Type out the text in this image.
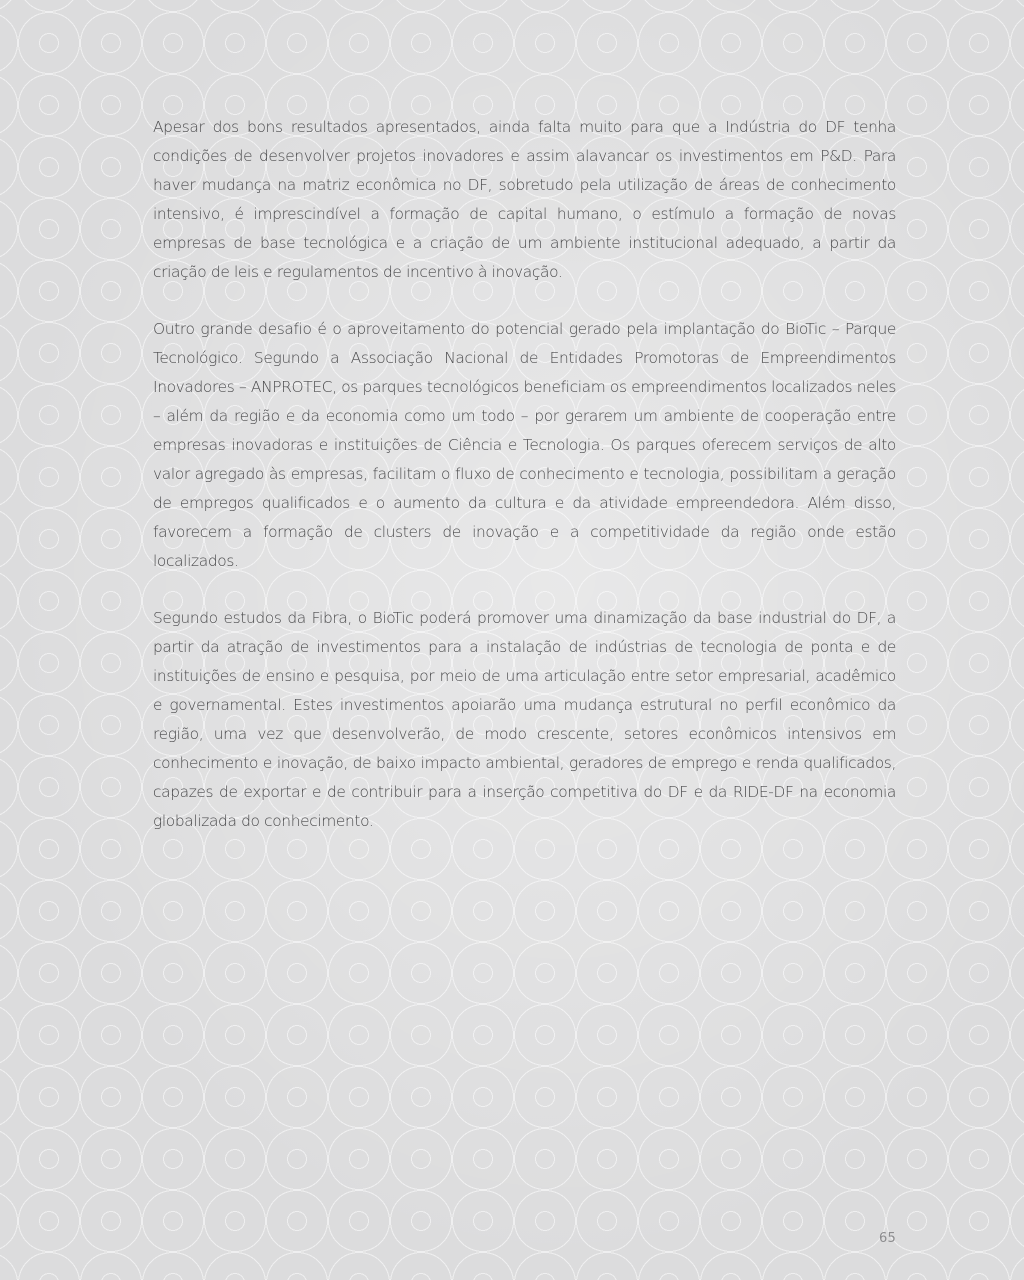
Apesar dos bons resultados apresentados, ainda falta muito para que a Indústria do DF tenha condições de desenvolver projetos inovadores e assim alavancar os investimentos em P&D. Para haver mudança na matriz econômica no DF, sobretudo pela utilização de áreas de conhecimento intensivo, é imprescindível a formação de capital humano, o estímulo a formação de novas empresas de base tecnológica e a criação de um ambiente institucional adequado, a partir da criação de leis e regulamentos de incentivo à inovação.

Outro grande desafio é o aproveitamento do potencial gerado pela implantação do BioTic – Parque Tecnológico. Segundo a Associação Nacional de Entidades Promotoras de Empreendimentos Inovadores – ANPROTEC, os parques tecnológicos beneficiam os empreendimentos localizados neles – além da região e da economia como um todo – por gerarem um ambiente de cooperação entre empresas inovadoras e instituições de Ciência e Tecnologia. Os parques oferecem serviços de alto valor agregado às empresas, facilitam o fluxo de conhecimento e tecnologia, possibilitam a geração de empregos qualificados e o aumento da cultura e da atividade empreendedora. Além disso, favorecem a formação de clusters de inovação e a competitividade da região onde estão localizados.

Segundo estudos da Fibra, o BioTic poderá promover uma dinamização da base industrial do DF, a partir da atração de investimentos para a instalação de indústrias de tecnologia de ponta e de instituições de ensino e pesquisa, por meio de uma articulação entre setor empresarial, acadêmico e governamental. Estes investimentos apoiarão uma mudança estrutural no perfil econômico da região, uma vez que desenvolverão, de modo crescente, setores econômicos intensivos em conhecimento e inovação, de baixo impacto ambiental, geradores de emprego e renda qualificados, capazes de exportar e de contribuir para a inserção competitiva do DF e da RIDE-DF na economia globalizada do conhecimento.

65
